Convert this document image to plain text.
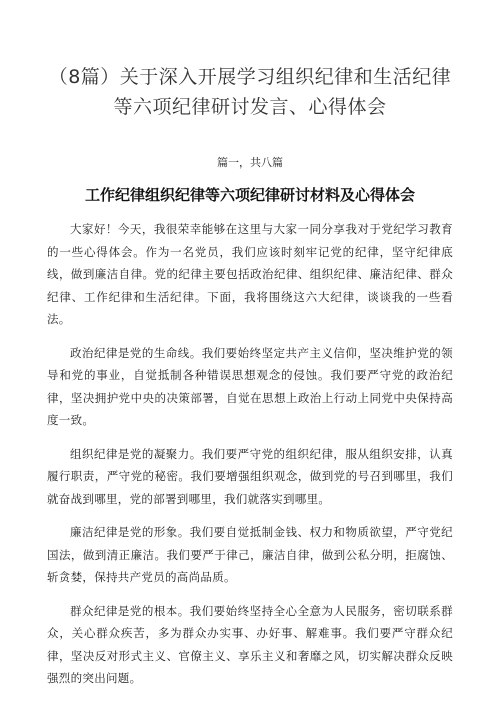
（8篇）关于深入开展学习组织纪律和生活纪律等六项纪律研讨发言、心得体会
篇一，共八篇
工作纪律组织纪律等六项纪律研讨材料及心得体会

大家好！今天，我很荣幸能够在这里与大家一同分享我对于党纪学习教育的一些心得体会。作为一名党员，我们应该时刻牢记党的纪律，坚守纪律底线，做到廉洁自律。党的纪律主要包括政治纪律、组织纪律、廉洁纪律、群众纪律、工作纪律和生活纪律。下面，我将围绕这六大纪律，谈谈我的一些看法。

政治纪律是党的生命线。我们要始终坚定共产主义信仰，坚决维护党的领导和党的事业，自觉抵制各种错误思想观念的侵蚀。我们要严守党的政治纪律，坚决拥护党中央的决策部署，自觉在思想上政治上行动上同党中央保持高度一致。

组织纪律是党的凝聚力。我们要严守党的组织纪律，服从组织安排，认真履行职责，严守党的秘密。我们要增强组织观念，做到党的号召到哪里，我们就奋战到哪里，党的部署到哪里，我们就落实到哪里。

廉洁纪律是党的形象。我们要自觉抵制金钱、权力和物质欲望，严守党纪国法，做到清正廉洁。我们要严于律己，廉洁自律，做到公私分明，拒腐蚀、斩贪婪，保持共产党员的高尚品质。

群众纪律是党的根本。我们要始终坚持全心全意为人民服务，密切联系群众，关心群众疾苦，多为群众办实事、办好事、解难事。我们要严守群众纪律，坚决反对形式主义、官僚主义、享乐主义和奢靡之风，切实解决群众反映强烈的突出问题。
